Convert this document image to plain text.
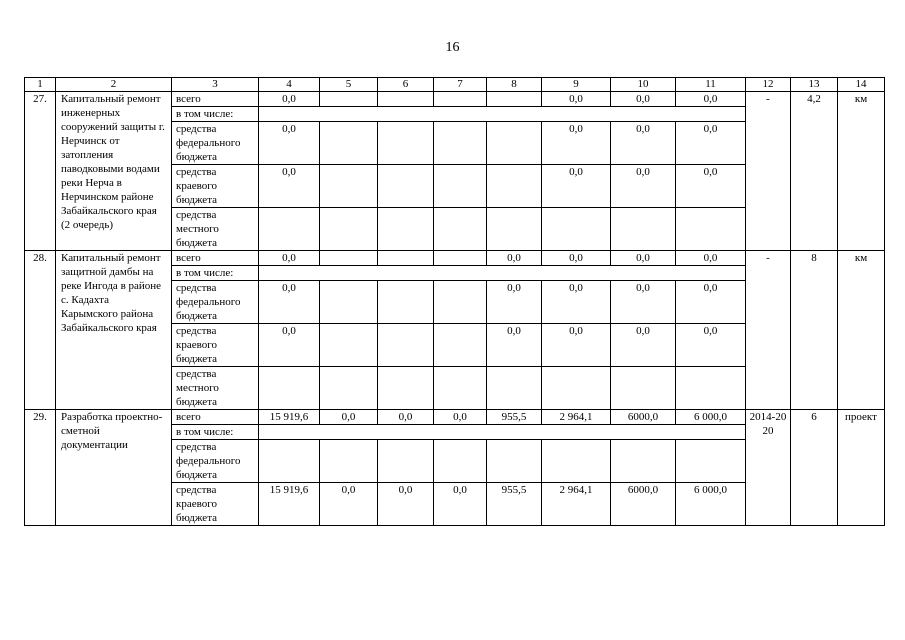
16
1	2	3	4	5	6	7	8	9	10	11	12	13	14
27.	Капитальный ремонт инженерных сооружений защиты г. Нерчинск от затопления паводковыми водами реки Нерча в Нерчинском районе Забайкальского края (2 очередь)	всего	0,0					0,0	0,0	0,0	-	4,2	км
		в том числе:											
		средства федерального бюджета	0,0					0,0	0,0	0,0			
		средства краевого бюджета	0,0					0,0	0,0	0,0			
		средства местного бюджета											
28.	Капитальный ремонт защитной дамбы на реке Ингода в районе с. Кадахта Карымского района Забайкальского края	всего	0,0				0,0	0,0	0,0	0,0	-	8	км
		в том числе:											
		средства федерального бюджета	0,0				0,0	0,0	0,0	0,0			
		средства краевого бюджета	0,0				0,0	0,0	0,0	0,0			
		средства местного бюджета											
29.	Разработка проектно-сметной документации	всего	15 919,6	0,0	0,0	0,0	955,5	2 964,1	6000,0	6 000,0	2014-2020	6	проект
		в том числе:											
		средства федерального бюджета											
		средства краевого бюджета	15 919,6	0,0	0,0	0,0	955,5	2 964,1	6000,0	6 000,0			
